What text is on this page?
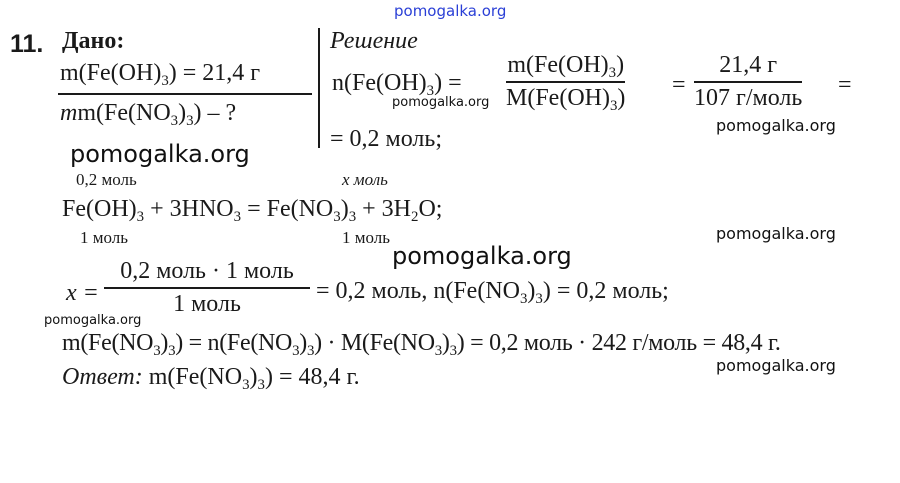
pomogalka.org
pomogalka.org
pomogalka.org
pomogalka.org
pomogalka.org
pomogalka.org
pomogalka.org
pomogalka.org
11. Дано:	Решение
$m(Fe(OH)_3) = 21,4$ г
$mm(Fe(NO_3)_3)$ – ?
$n(Fe(OH)_3)$ =
$m(Fe(OH)_3)$
$M(Fe(OH)_3)$ =
21,4 г
107 г/моль =
= 0,2 моль;
0,2 моль	x моль
$Fe(OH)_3 + 3HNO_3 = Fe(NO_3)_3 + 3H_2O$;
1 моль	1 моль
x =
0,2 моль · 1 моль
1 моль	= 0,2 моль, $n(Fe(NO_3)_3) = 0,2$ моль;
$m(Fe(NO_3)_3) = n(Fe(NO_3)_3) \cdot M(Fe(NO_3)_3) = 0,2$ моль · 242 г/моль = 48,4 г.
Ответ: $m(Fe(NO_3)_3) = 48,4$ г.
